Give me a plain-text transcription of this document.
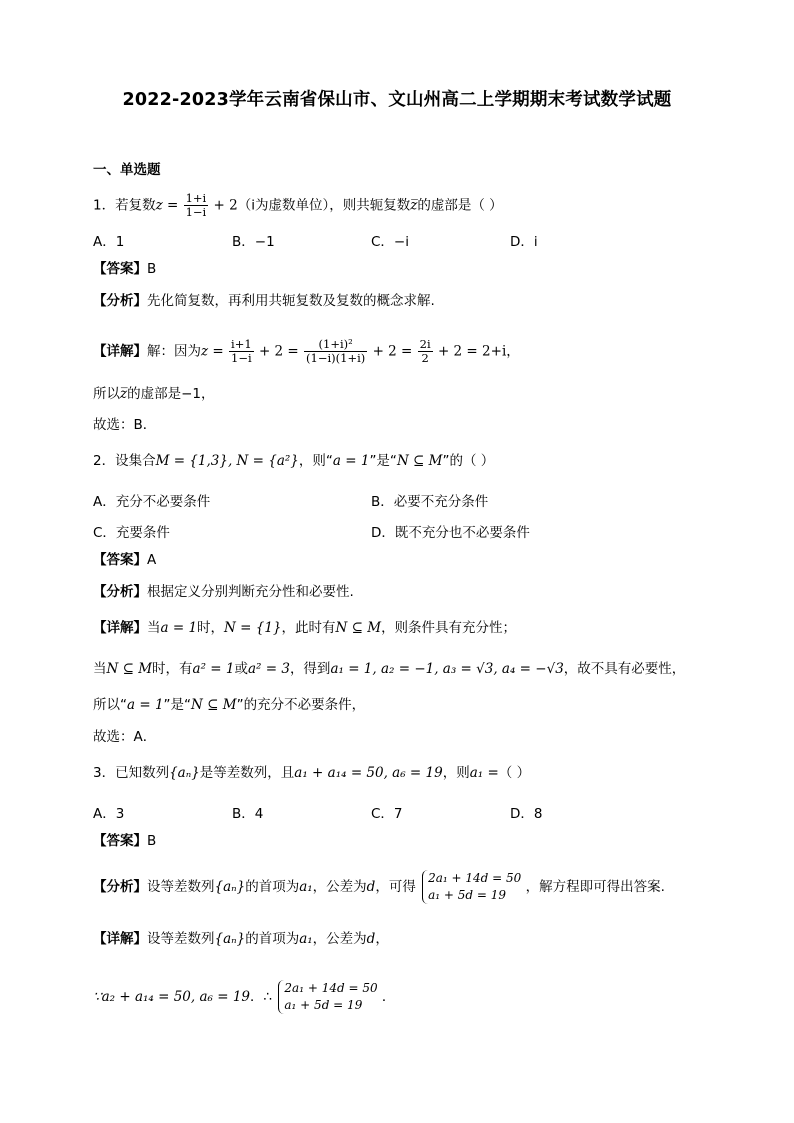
2022-2023学年云南省保山市、文山州高二上学期期末考试数学试题
一、单选题
1．若复数$z = \frac{1+i}{1-i} + 2(i$为虚数单位），则共轭复数z̅的虚部是（ ）
A．1	B．−1	C．−i	D．i
【答案】B
【分析】先化简复数，再利用共轭复数及复数的概念求解.
【详解】解：因为$z = \frac{i+1}{1-i} + 2 = \frac{\text{(1+i)²}}{(1-i)(1+i)} + 2 = \frac{2i}{2} + 2 = 2+i$，
所以z̅的虚部是−1，
故选：B．
2．设集合M = {1,3}, N = {a²}，则“a = 1”是“N ⊆ M”的（ ）
A．充分不必要条件	B．必要不充分条件
C．充要条件	D．既不充分也不必要条件
【答案】A
【分析】根据定义分别判断充分性和必要性.
【详解】当a = 1时，N = {1}，此时有N ⊆ M，则条件具有充分性；
当N ⊆ M时，有a² = 1或a² = 3，得到a₁ = 1, a₂ = −1, a₃ = √3, a₄ = −√3，故不具有必要性，
所以“a = 1”是“N ⊆ M”的充分不必要条件，
故选：A．
3．已知数列{aₙ}是等差数列，且a₁ + a₁₄ = 50, a₆ = 19，则a₁ =（ ）
A．3	B．4	C．7	D．8
【答案】B
【分析】设等差数列{aₙ}的首项为a₁，公差为d，可得
2a₁ + 14d = 50
a₁ + 5d = 19	，解方程即可得出答案.
【详解】设等差数列{aₙ}的首项为a₁，公差为d，
∵a₂ + a₁₄ = 50, a₆ = 19．∴
2a₁ + 14d = 50
a₁ + 5d = 19	．
